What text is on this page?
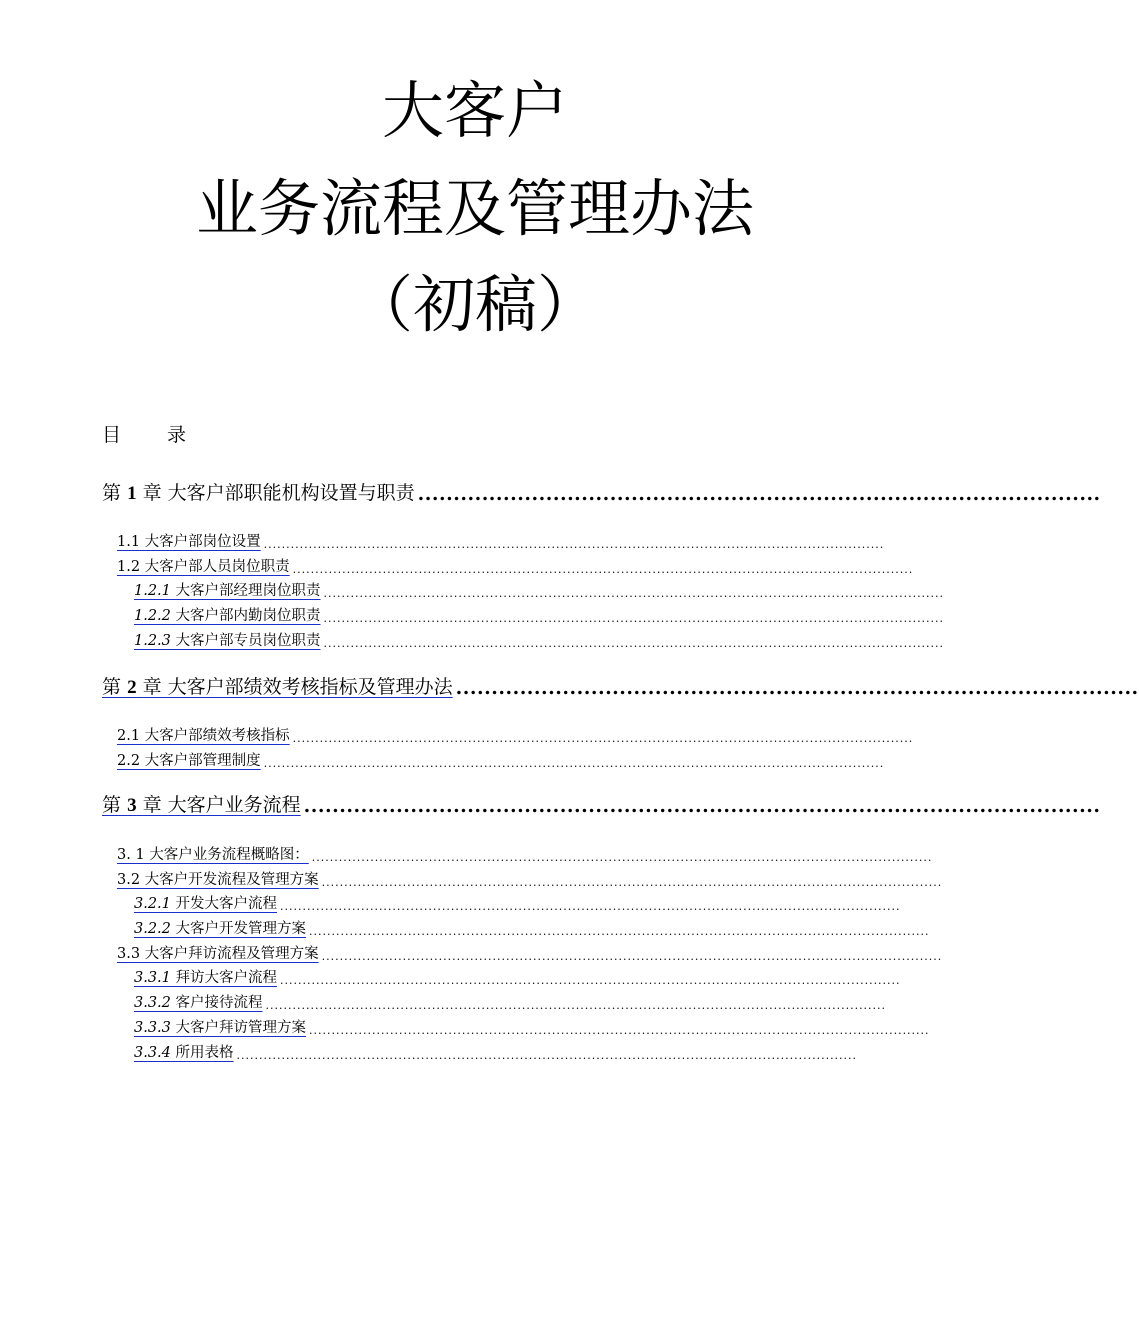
大客户
业务流程及管理办法
（初稿）
目 录
第 1 章 大客户部职能机构设置与职责 ................................................................................................
1.1 大客户部岗位设置 ..........................................................................................................................................
1.2 大客户部人员岗位职责 ..........................................................................................................................................
1.2.1 大客户部经理岗位职责 ..........................................................................................................................................
1.2.2 大客户部内勤岗位职责 ..........................................................................................................................................
1.2.3 大客户部专员岗位职责 ..........................................................................................................................................
第 2 章 大客户部绩效考核指标及管理办法 ................................................................................................
2.1 大客户部绩效考核指标 ..........................................................................................................................................
2.2 大客户部管理制度 ..........................................................................................................................................
第 3 章 大客户业务流程 ................................................................................................................
3. 1 大客户业务流程概略图： ..........................................................................................................................................
3.2 大客户开发流程及管理方案 ..........................................................................................................................................
3.2.1 开发大客户流程 ..........................................................................................................................................
3.2.2 大客户开发管理方案 ..........................................................................................................................................
3.3 大客户拜访流程及管理方案 ..........................................................................................................................................
3.3.1 拜访大客户流程 ..........................................................................................................................................
3.3.2 客户接待流程 ..........................................................................................................................................
3.3.3 大客户拜访管理方案 ..........................................................................................................................................
3.3.4 所用表格 ..........................................................................................................................................
